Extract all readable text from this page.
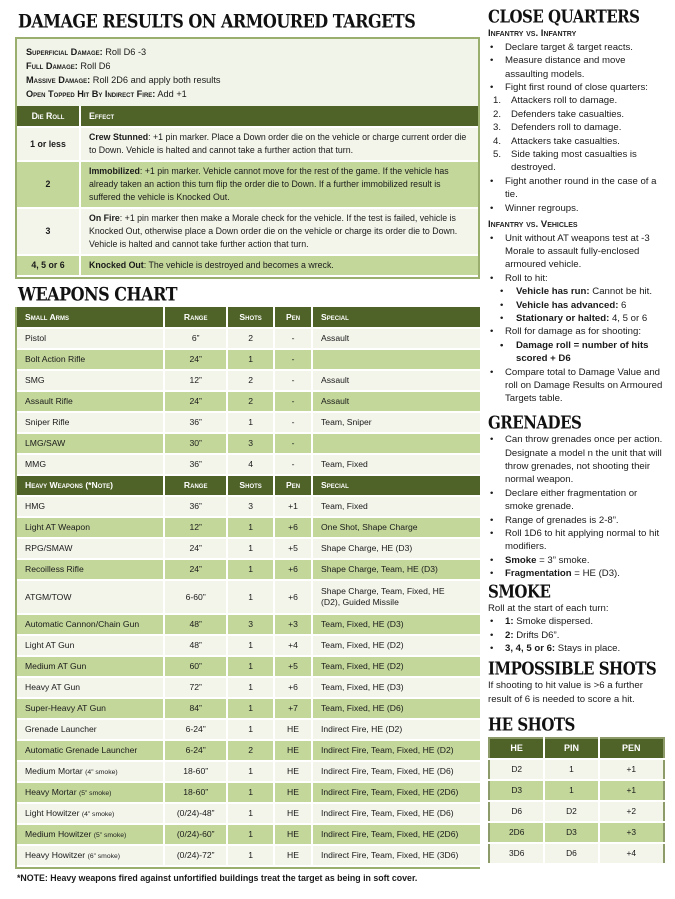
DAMAGE RESULTS ON ARMOURED TARGETS
Superficial Damage: Roll D6 -3
Full Damage: Roll D6
Massive Damage: Roll 2D6 and apply both results
Open Topped Hit By Indirect Fire: Add +1
Die Roll	Effect
1 or less	Crew Stunned: +1 pin marker. Place a Down order die on the vehicle or charge current order die to Down. Vehicle is halted and cannot take a further action that turn.
2	Immobilized: +1 pin marker. Vehicle cannot move for the rest of the game. If the vehicle has already taken an action this turn flip the order die to Down. If a further immobilized result is suffered the vehicle is Knocked Out.
3	On Fire: +1 pin marker then make a Morale check for the vehicle. If the test is failed, vehicle is Knocked Out, otherwise place a Down order die on the vehicle or charge its order die to Down. Vehicle is halted and cannot take further action that turn.
4, 5 or 6	Knocked Out: The vehicle is destroyed and becomes a wreck.
WEAPONS CHART
Small Arms	Range	Shots	Pen	Special
Pistol	6”	2	-	Assault
Bolt Action Rifle	24”	1	-	
SMG	12”	2	-	Assault
Assault Rifle	24”	2	-	Assault
Sniper Rifle	36”	1	-	Team, Sniper
LMG/SAW	30”	3	-	
MMG	36”	4	-	Team, Fixed
Heavy Weapons (*Note)	Range	Shots	Pen	Special
HMG	36”	3	+1	Team, Fixed
Light AT Weapon	12”	1	+6	One Shot, Shape Charge
RPG/SMAW	24”	1	+5	Shape Charge, HE (D3)
Recoilless Rifle	24”	1	+6	Shape Charge, Team, HE (D3)
ATGM/TOW	6-60”	1	+6	Shape Charge, Team, Fixed, HE (D2), Guided Missile
Automatic Cannon/Chain Gun	48”	3	+3	Team, Fixed, HE (D3)
Light AT Gun	48”	1	+4	Team, Fixed, HE (D2)
Medium AT Gun	60”	1	+5	Team, Fixed, HE (D2)
Heavy AT Gun	72”	1	+6	Team, Fixed, HE (D3)
Super-Heavy AT Gun	84”	1	+7	Team, Fixed, HE (D6)
Grenade Launcher	6-24”	1	HE	Indirect Fire, HE (D2)
Automatic Grenade Launcher	6-24”	2	HE	Indirect Fire, Team, Fixed, HE (D2)
Medium Mortar (4” smoke)	18-60”	1	HE	Indirect Fire, Team, Fixed, HE (D6)
Heavy Mortar (5” smoke)	18-60”	1	HE	Indirect Fire, Team, Fixed, HE (2D6)
Light Howitzer (4” smoke)	(0/24)-48”	1	HE	Indirect Fire, Team, Fixed, HE (D6)
Medium Howitzer (5” smoke)	(0/24)-60”	1	HE	Indirect Fire, Team, Fixed, HE (2D6)
Heavy Howitzer (6” smoke)	(0/24)-72”	1	HE	Indirect Fire, Team, Fixed, HE (3D6)
*NOTE: Heavy weapons fired against unfortified buildings treat the target as being in soft cover.
CLOSE QUARTERS
Infantry vs. Infantry
• Declare target & target reacts.
• Measure distance and move assaulting models.
• Fight first round of close quarters:
1. Attackers roll to damage.
2. Defenders take casualties.
3. Defenders roll to damage.
4. Attackers take casualties.
5. Side taking most casualties is destroyed.
• Fight another round in the case of a tie.
• Winner regroups.
Infantry vs. Vehicles
• Unit without AT weapons test at -3 Morale to assault fully-enclosed armoured vehicle.
• Roll to hit:
• Vehicle has run: Cannot be hit.
• Vehicle has advanced: 6
• Stationary or halted: 4, 5 or 6
• Roll for damage as for shooting:
• Damage roll = number of hits scored + D6
• Compare total to Damage Value and roll on Damage Results on Armoured Targets table.
GRENADES
• Can throw grenades once per action. Designate a model n the unit that will throw grenades, not shooting their normal weapon.
• Declare either fragmentation or smoke grenade.
• Range of grenades is 2-8”.
• Roll 1D6 to hit applying normal to hit modifiers.
• Smoke = 3” smoke.
• Fragmentation = HE (D3).
SMOKE
Roll at the start of each turn:
• 1: Smoke dispersed.
• 2: Drifts D6”.
• 3, 4, 5 or 6: Stays in place.
IMPOSSIBLE SHOTS
If shooting to hit value is >6 a further result of 6 is needed to score a hit.
HE SHOTS
HE	PIN	PEN
D2	1	+1
D3	1	+1
D6	D2	+2
2D6	D3	+3
3D6	D6	+4
